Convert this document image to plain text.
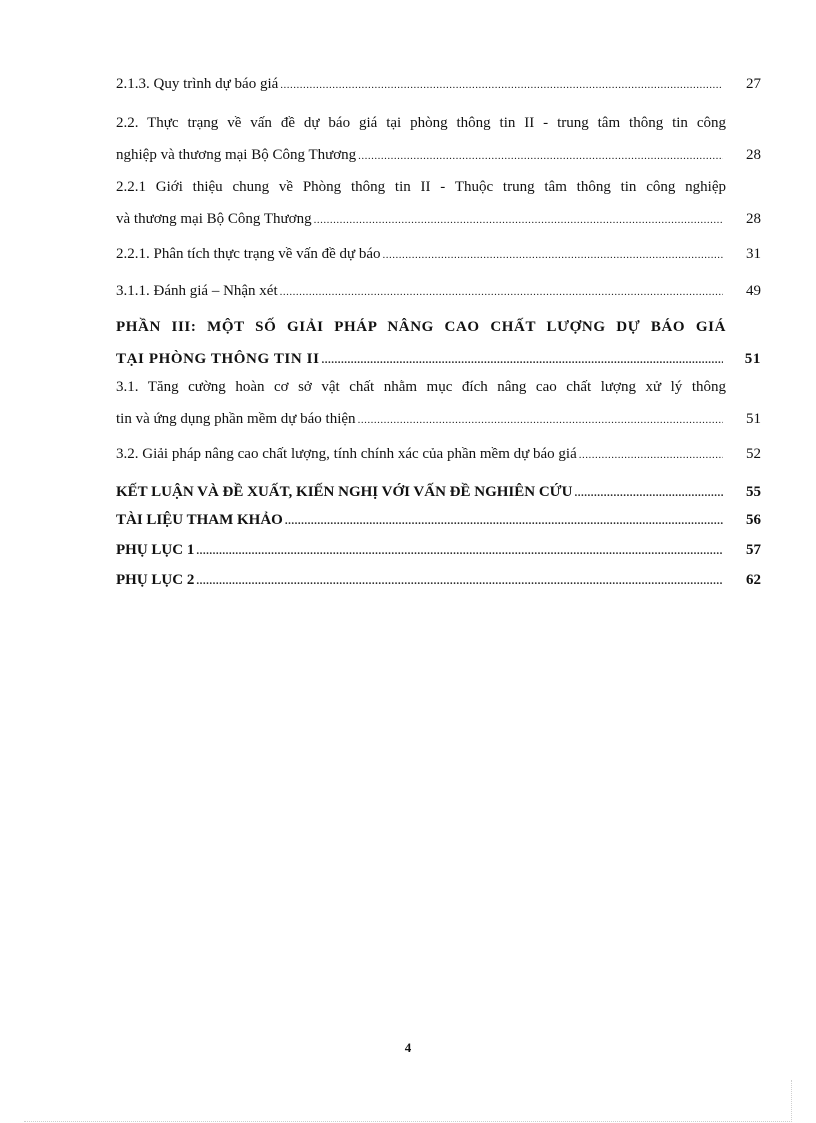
2.1.3. Quy trình dự báo giá .....	27
2.2. Thực trạng về vấn đề dự báo giá tại phòng thông tin II - trung tâm thông tin công
nghiệp và thương mại Bộ Công Thương .....	28
2.2.1 Giới thiệu chung về Phòng thông tin II - Thuộc trung tâm thông tin công nghiệp
và thương mại Bộ Công Thương .....	28
2.2.1. Phân tích thực trạng về vấn đề dự báo .....	31
3.1.1. Đánh giá – Nhận xét .....	49
PHẦN III: MỘT SỐ GIẢI PHÁP NÂNG CAO CHẤT LƯỢNG DỰ BÁO GIÁ
TẠI PHÒNG THÔNG TIN II .....	51
3.1. Tăng cường hoàn cơ sở vật chất nhằm mục đích nâng cao chất lượng xử lý thông
tin và ứng dụng phần mềm dự báo thiện .....	51
3.2. Giải pháp nâng cao chất lượng, tính chính xác của phần mềm dự báo giá .....	52
KẾT LUẬN VÀ ĐỀ XUẤT, KIẾN NGHỊ VỚI VẤN ĐỀ NGHIÊN CỨU .....	55
TÀI LIỆU THAM KHẢO .....	56
PHỤ LỤC 1 .....	57
PHỤ LỤC 2 .....	62
4
